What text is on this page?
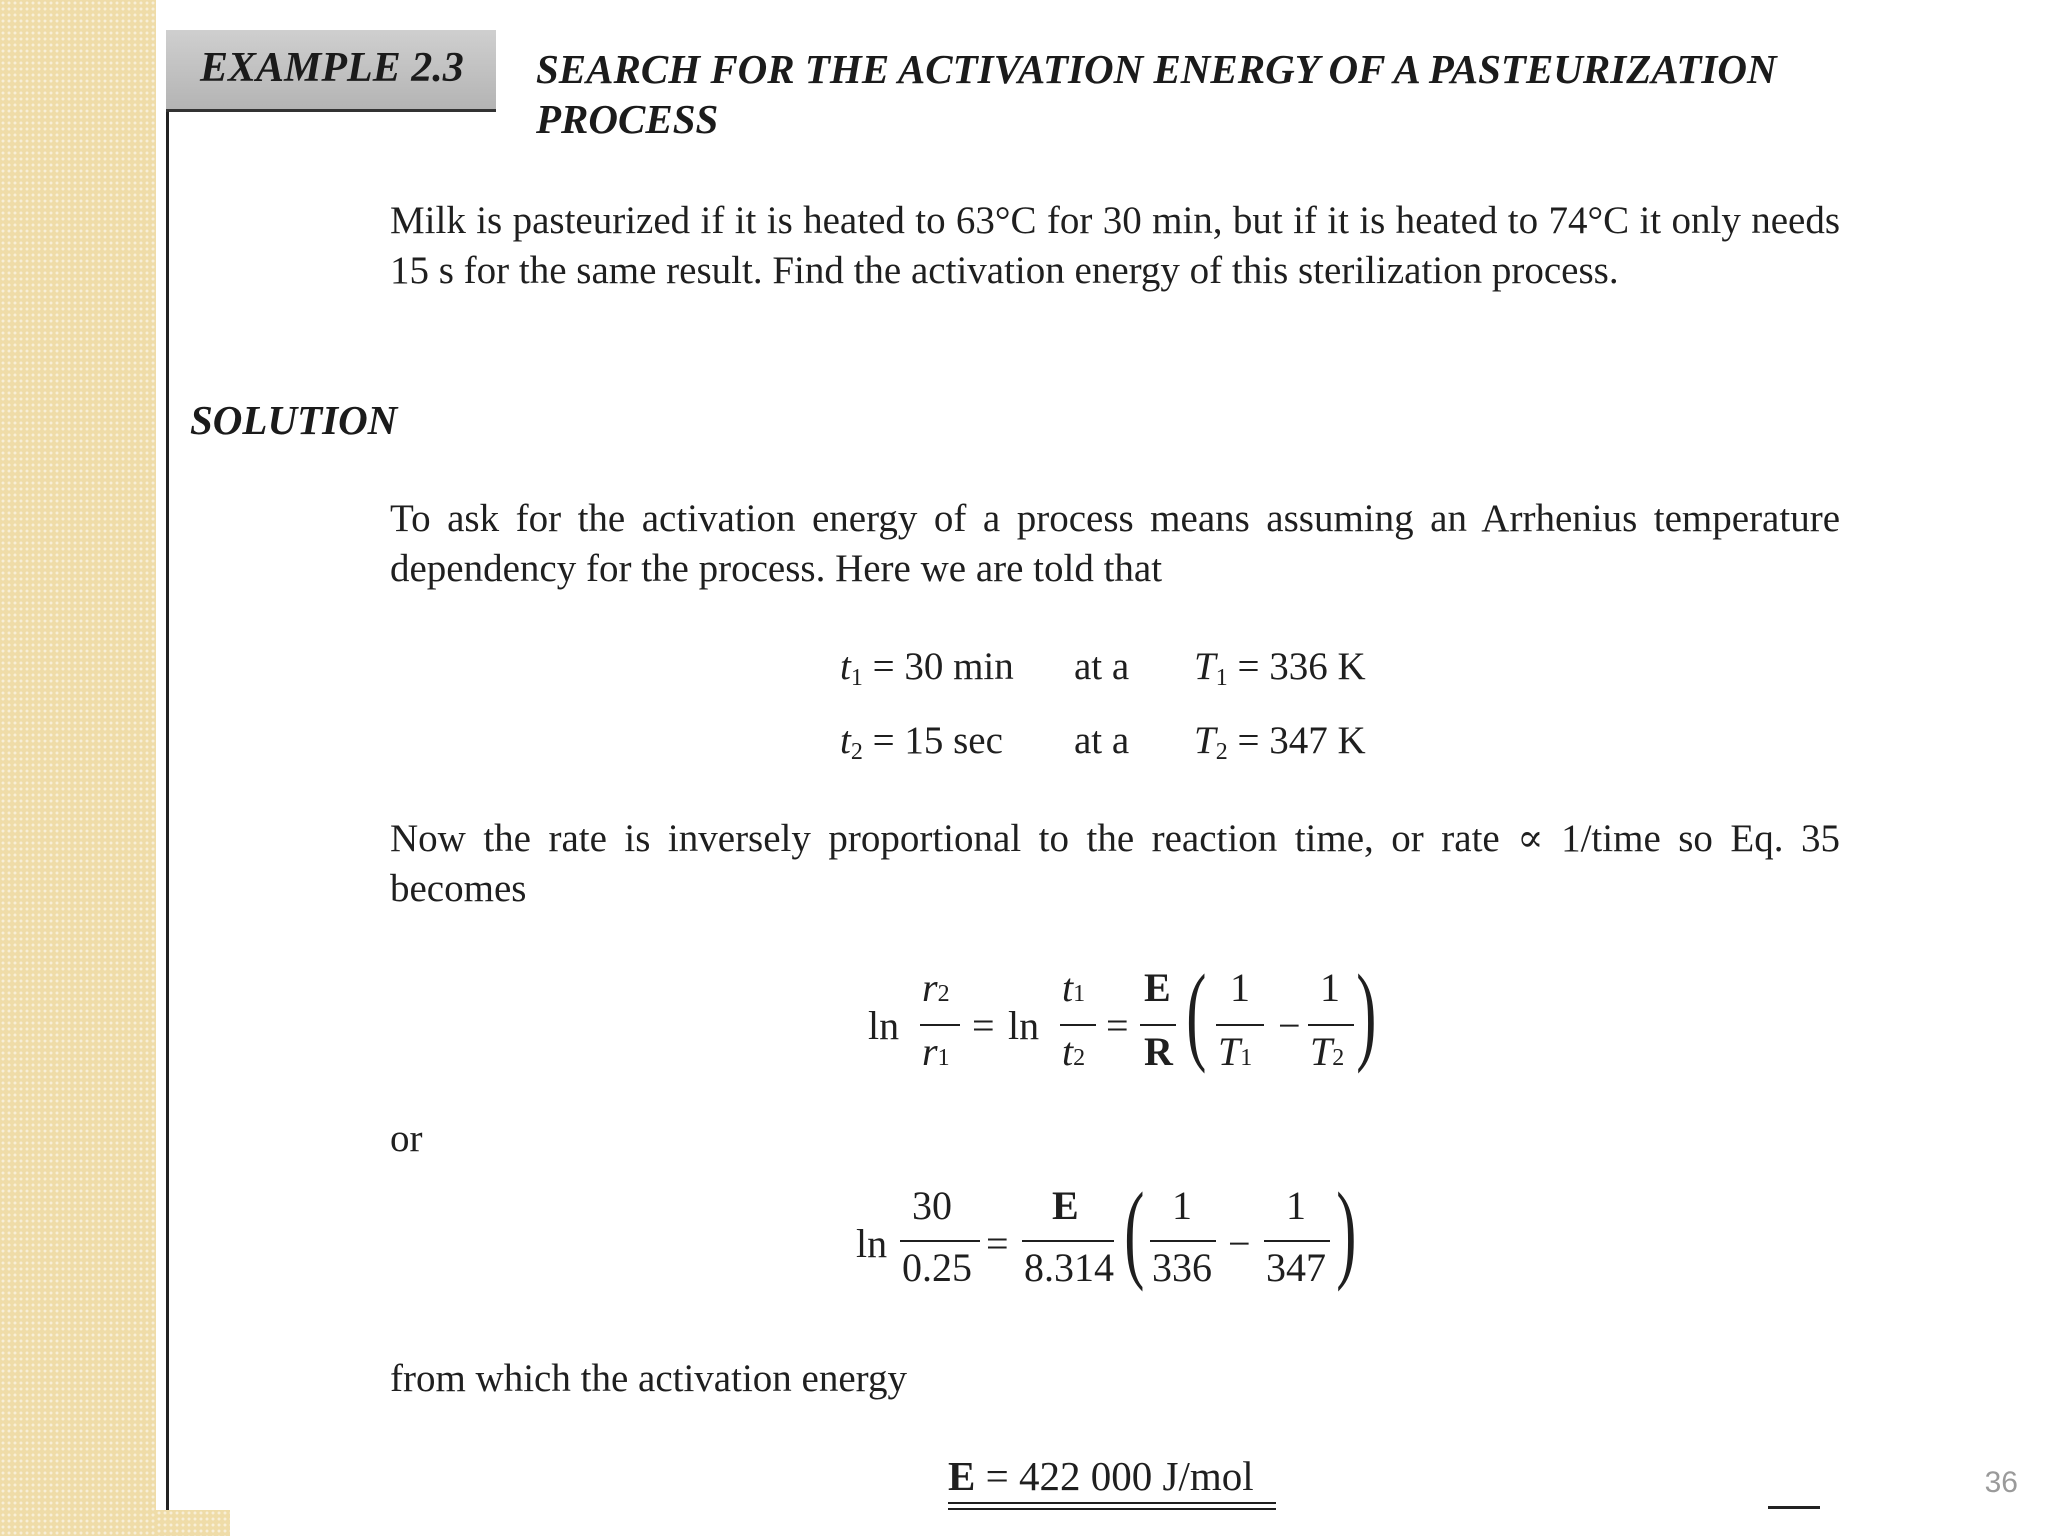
EXAMPLE 2.3 SEARCH FOR THE ACTIVATION ENERGY OF A PASTEURIZATION PROCESS
Milk is pasteurized if it is heated to 63°C for 30 min, but if it is heated to 74°C it only needs 15 s for the same result. Find the activation energy of this sterilization process.
SOLUTION
To ask for the activation energy of a process means assuming an Arrhenius temperature dependency for the process. Here we are told that
$t_1 = 30$ min at a $T_1 = 336$ K
$t_2 = 15$ sec at a $T_2 = 347$ K
Now the rate is inversely proportional to the reaction time, or rate ∝ 1/time so Eq. 35 becomes
ln
r2
r1
= ln
t1
t2
=
E
R ( 1
T1
−
1
T2 )
or
ln
30
0.25
=
E
8.314 ( 1
336
−
1
347 )
from which the activation energy
E = 422 000 J/mol	36
